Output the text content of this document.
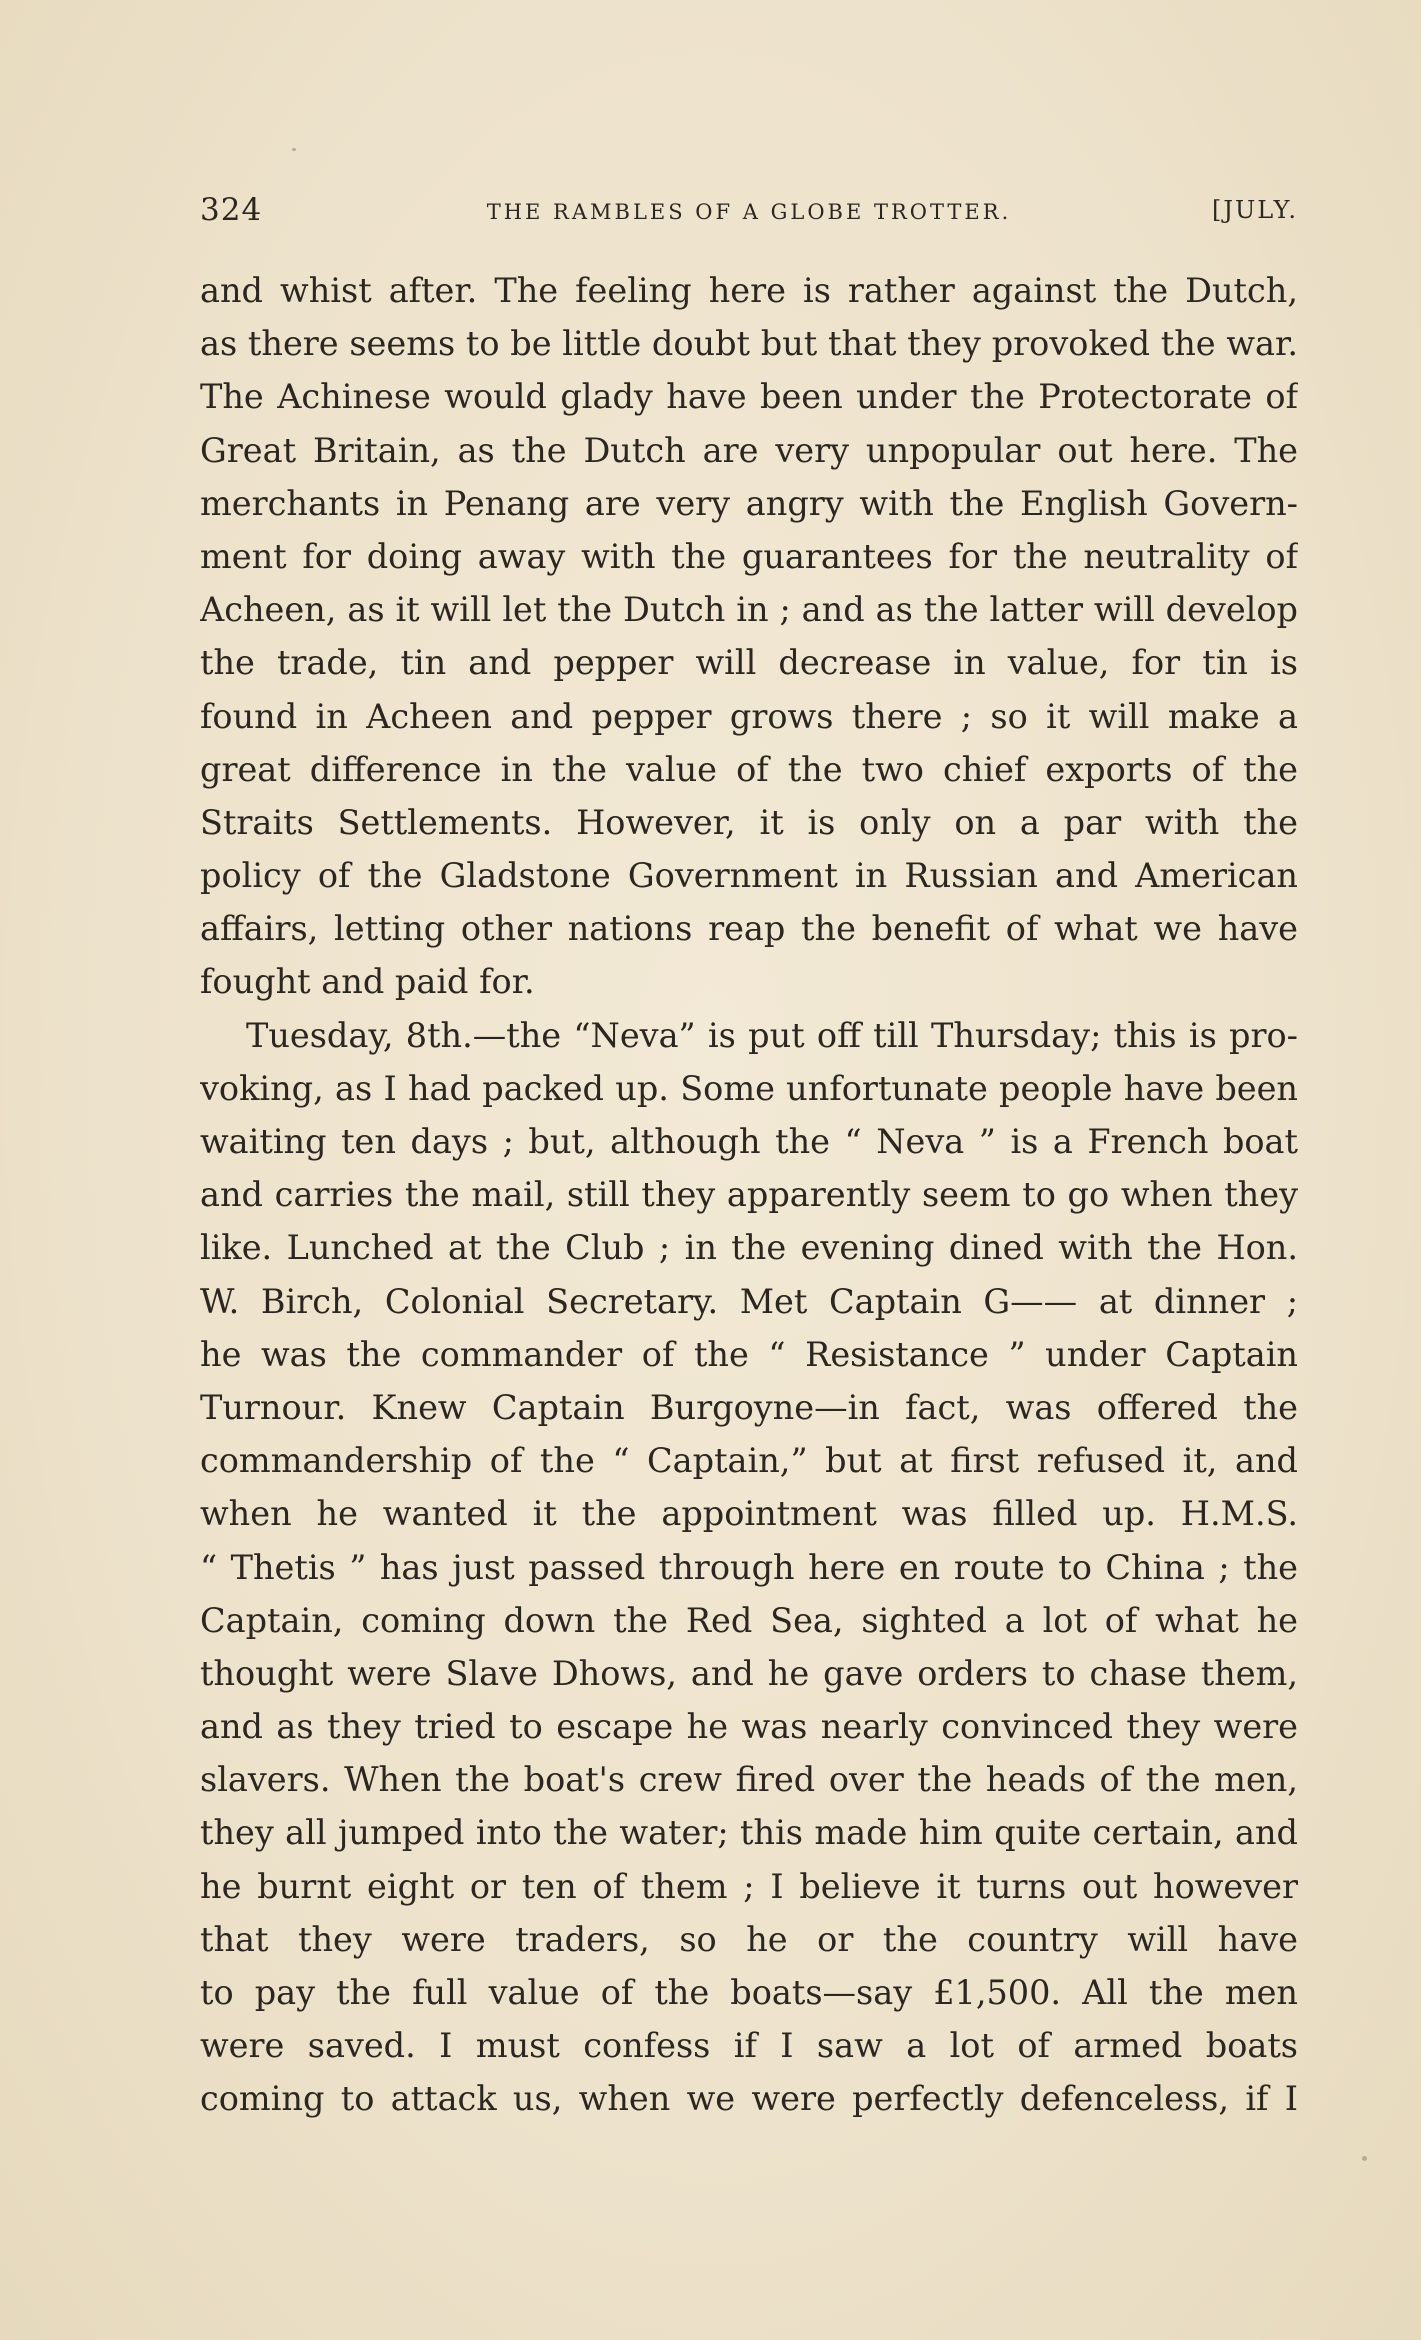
324	THE RAMBLES OF A GLOBE TROTTER.	[JULY.
and whist after. The feeling here is rather against the Dutch,
as there seems to be little doubt but that they provoked the war.
The Achinese would glady have been under the Protectorate of
Great Britain, as the Dutch are very unpopular out here. The
merchants in Penang are very angry with the English Govern-
ment for doing away with the guarantees for the neutrality of
Acheen, as it will let the Dutch in ; and as the latter will develop
the trade, tin and pepper will decrease in value, for tin is
found in Acheen and pepper grows there ; so it will make a
great difference in the value of the two chief exports of the
Straits Settlements. However, it is only on a par with the
policy of the Gladstone Government in Russian and American
affairs, letting other nations reap the benefit of what we have
fought and paid for.
Tuesday, 8th.—the “Neva” is put off till Thursday; this is pro-
voking, as I had packed up. Some unfortunate people have been
waiting ten days ; but, although the “ Neva ” is a French boat
and carries the mail, still they apparently seem to go when they
like. Lunched at the Club ; in the evening dined with the Hon.
W. Birch, Colonial Secretary. Met Captain G—— at dinner ;
he was the commander of the “ Resistance ” under Captain
Turnour. Knew Captain Burgoyne—in fact, was offered the
commandership of the “ Captain,” but at first refused it, and
when he wanted it the appointment was filled up. H.M.S.
“ Thetis ” has just passed through here en route to China ; the
Captain, coming down the Red Sea, sighted a lot of what he
thought were Slave Dhows, and he gave orders to chase them,
and as they tried to escape he was nearly convinced they were
slavers. When the boat's crew fired over the heads of the men,
they all jumped into the water; this made him quite certain, and
he burnt eight or ten of them ; I believe it turns out however
that they were traders, so he or the country will have
to pay the full value of the boats—say £1,500. All the men
were saved. I must confess if I saw a lot of armed boats
coming to attack us, when we were perfectly defenceless, if I
